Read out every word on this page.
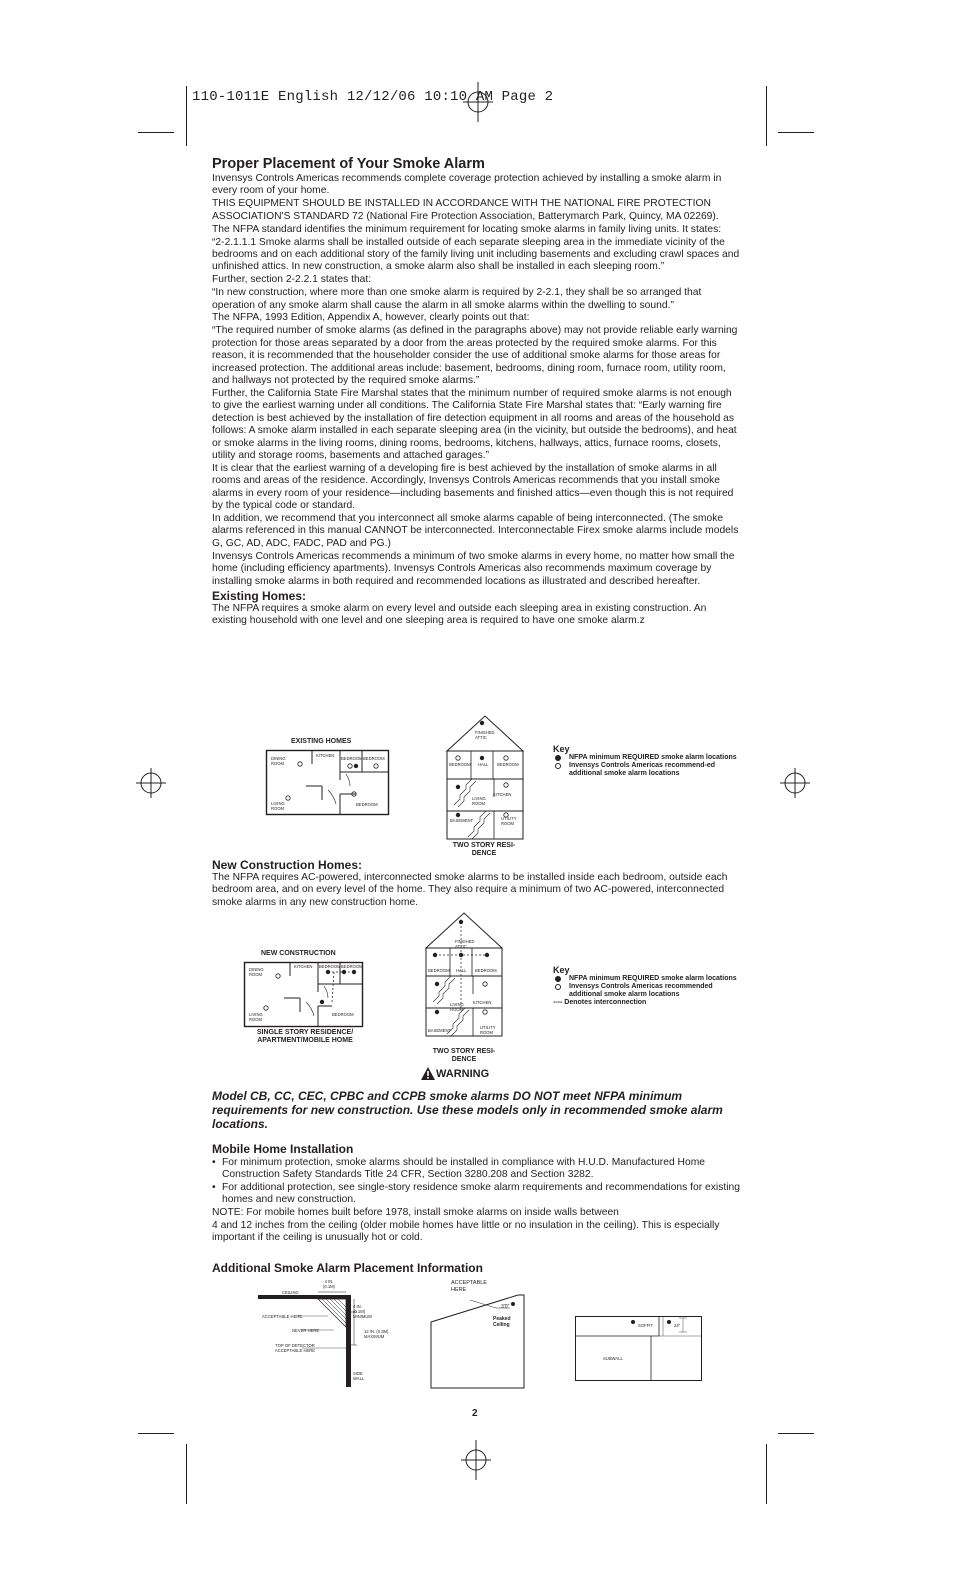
110-1011E English 12/12/06 10:10 AM Page 2
Proper Placement of Your Smoke Alarm

Invensys Controls Americas recommends complete coverage protection achieved by installing a smoke alarm in every room of your home.

THIS EQUIPMENT SHOULD BE INSTALLED IN ACCORDANCE WITH THE NATIONAL FIRE PROTECTION ASSOCIATION'S STANDARD 72 (National Fire Protection Association, Batterymarch Park, Quincy, MA 02269).

The NFPA standard identifies the minimum requirement for locating smoke alarms in family living units. It states:

“2-2.1.1.1 Smoke alarms shall be installed outside of each separate sleeping area in the immediate vicinity of the bedrooms and on each additional story of the family living unit including basements and excluding crawl spaces and unfinished attics. In new construction, a smoke alarm also shall be installed in each sleeping room.”

Further, section 2-2.2.1 states that:

“In new construction, where more than one smoke alarm is required by 2-2.1, they shall be so arranged that operation of any smoke alarm shall cause the alarm in all smoke alarms within the dwelling to sound.”

The NFPA, 1993 Edition, Appendix A, however, clearly points out that:

“The required number of smoke alarms (as defined in the paragraphs above) may not provide reliable early warning protection for those areas separated by a door from the areas protected by the required smoke alarms. For this reason, it is recommended that the householder consider the use of additional smoke alarms for those areas for increased protection. The additional areas include: basement, bedrooms, dining room, furnace room, utility room, and hallways not protected by the required smoke alarms.”

Further, the California State Fire Marshal states that the minimum number of required smoke alarms is not enough to give the earliest warning under all conditions. The California State Fire Marshal states that: “Early warning fire detection is best achieved by the installation of fire detection equipment in all rooms and areas of the household as follows: A smoke alarm installed in each separate sleeping area (in the vicinity, but outside the bedrooms), and heat or smoke alarms in the living rooms, dining rooms, bedrooms, kitchens, hallways, attics, furnace rooms, closets, utility and storage rooms, basements and attached garages.”

It is clear that the earliest warning of a developing fire is best achieved by the installation of smoke alarms in all rooms and areas of the residence. Accordingly, Invensys Controls Americas recommends that you install smoke alarms in every room of your residence—including basements and finished attics—even though this is not required by the typical code or standard.

In addition, we recommend that you interconnect all smoke alarms capable of being interconnected. (The smoke alarms referenced in this manual CANNOT be interconnected. Interconnectable Firex smoke alarms include models G, GC, AD, ADC, FADC, PAD and PG.)

Invensys Controls Americas recommends a minimum of two smoke alarms in every home, no matter how small the home (including efficiency apartments). Invensys Controls Americas also recommends maximum coverage by installing smoke alarms in both required and recommended locations as illustrated and described hereafter.

Existing Homes:

The NFPA requires a smoke alarm on every level and outside each sleeping area in existing construction. An existing household with one level and one sleeping area is required to have one smoke alarm.z

EXISTING HOMES
DINING ROOM
KITCHEN
BEDROOM BEDROOM
LIVING ROOM
BEDROOM
FINISHED ATTIC
BEDROOM HALL BEDROOM
LIVING ROOM
KITCHEN
BASEMENT	UTILITY ROOM
TWO STORY RESI-DENCE
Key
NFPA minimum REQUIRED smoke alarm locations
Invensys Controls Americas recommend-ed additional smoke alarm locations
New Construction Homes:

The NFPA requires AC-powered, interconnected smoke alarms to be installed inside each bedroom, outside each bedroom area, and on every level of the home. They also require a minimum of two AC-powered, interconnected smoke alarms in any new construction home.

NEW CONSTRUCTION
DINING ROOM
KITCHEN BEDROOM BEDROOM
LIVING ROOM
BEDROOM
SINGLE STORY RESIDENCE/ APARTMENT/MOBILE HOME
FINISHED ATTIC
BEDROOM HALL BEDROOM
LIVING ROOM
KITCHEN
BASEMENT
UTILITY ROOM
TWO STORY RESI-DENCE
Key
NFPA minimum REQUIRED smoke alarm locations
Invensys Controls Americas recommended additional smoke alarm locations
---- Denotes interconnection
WARNING
Model CB, CC, CEC, CPBC and CCPB smoke alarms DO NOT meet NFPA minimum requirements for new construction. Use these models only in recommended smoke alarm locations.
Mobile Home Installation
• For minimum protection, smoke alarms should be installed in compliance with H.U.D. Manufactured Home Construction Safety Standards Title 24 CFR, Section 3280.208 and Section 3282.
• For additional protection, see single-story residence smoke alarm requirements and recommendations for existing homes and new construction.

NOTE: For mobile homes built before 1978, install smoke alarms on inside walls between

4 and 12 inches from the ceiling (older mobile homes have little or no insulation in the ceiling). This is especially important if the ceiling is unusually hot or cold.

Additional Smoke Alarm Placement Information
4 IN. (0.1M)
CEILING
ACCEPTABLE HERE
NEVER HERE
TOP OF DETECTOR ACCEPTABLE HERE
4 IN. (0.1M) MINIMUM
12 IN. (0.3M) MAXIMUM
SIDE WALL
ACCEPTABLE HERE
3'0"
Peaked Ceiling	SOFFIT	24"
SUBWALL
2
